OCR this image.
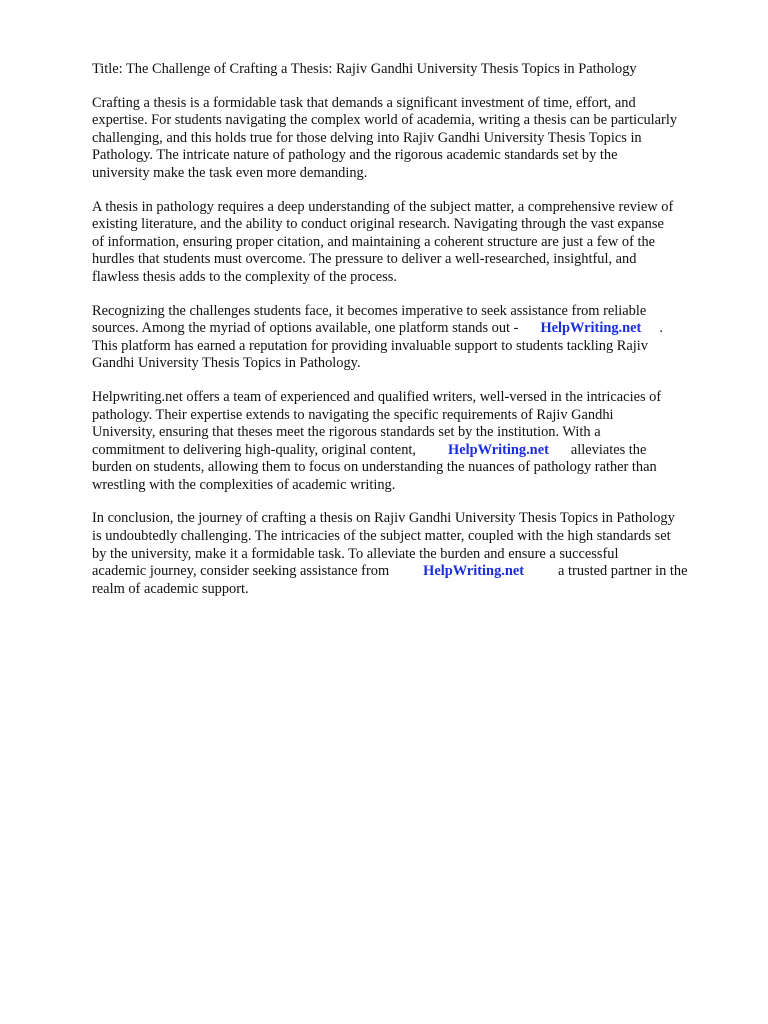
Title: The Challenge of Crafting a Thesis: Rajiv Gandhi University Thesis Topics in Pathology

Crafting a thesis is a formidable task that demands a significant investment of time, effort, and
expertise. For students navigating the complex world of academia, writing a thesis can be particularly
challenging, and this holds true for those delving into Rajiv Gandhi University Thesis Topics in
Pathology. The intricate nature of pathology and the rigorous academic standards set by the
university make the task even more demanding.

A thesis in pathology requires a deep understanding of the subject matter, a comprehensive review of
existing literature, and the ability to conduct original research. Navigating through the vast expanse
of information, ensuring proper citation, and maintaining a coherent structure are just a few of the
hurdles that students must overcome. The pressure to deliver a well-researched, insightful, and
flawless thesis adds to the complexity of the process.

Recognizing the challenges students face, it becomes imperative to seek assistance from reliable
sources. Among the myriad of options available, one platform stands out - HelpWriting.net .
This platform has earned a reputation for providing invaluable support to students tackling Rajiv
Gandhi University Thesis Topics in Pathology.

Helpwriting.net offers a team of experienced and qualified writers, well-versed in the intricacies of
pathology. Their expertise extends to navigating the specific requirements of Rajiv Gandhi
University, ensuring that theses meet the rigorous standards set by the institution. With a
commitment to delivering high-quality, original content, HelpWriting.net alleviates the
burden on students, allowing them to focus on understanding the nuances of pathology rather than
wrestling with the complexities of academic writing.

In conclusion, the journey of crafting a thesis on Rajiv Gandhi University Thesis Topics in Pathology
is undoubtedly challenging. The intricacies of the subject matter, coupled with the high standards set
by the university, make it a formidable task. To alleviate the burden and ensure a successful
academic journey, consider seeking assistance from HelpWriting.net a trusted partner in the
realm of academic support.
